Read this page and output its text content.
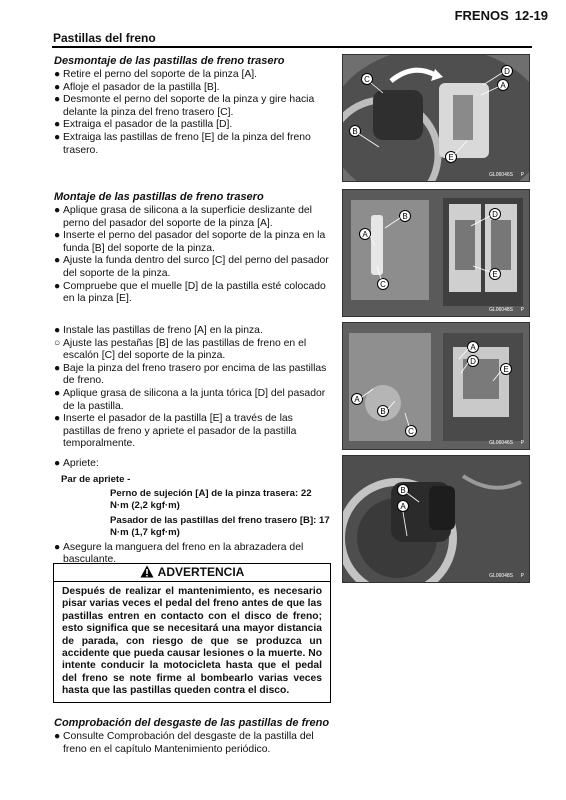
FRENOS 12-19
Pastillas del freno

Desmontaje de las pastillas de freno trasero

● Retire el perno del soporte de la pinza [A].

● Afloje el pasador de la pastilla [B].

● Desmonte el perno del soporte de la pinza y gire hacia delante la pinza del freno trasero [C].

● Extraiga el pasador de la pastilla [D].

● Extraiga las pastillas de freno [E] de la pinza del freno trasero.

Montaje de las pastillas de freno trasero

● Aplique grasa de silicona a la superficie deslizante del perno del pasador del soporte de la pinza [A].

● Inserte el perno del pasador del soporte de la pinza en la funda [B] del soporte de la pinza.

● Ajuste la funda dentro del surco [C] del perno del pasador del soporte de la pinza.

● Compruebe que el muelle [D] de la pastilla esté colocado en la pinza [E].

● Instale las pastillas de freno [A] en la pinza.

○ Ajuste las pestañas [B] de las pastillas de freno en el escalón [C] del soporte de la pinza.

● Baje la pinza del freno trasero por encima de las pastillas de freno.

● Aplique grasa de silicona a la junta tórica [D] del pasador de la pastilla.

● Inserte el pasador de la pastilla [E] a través de las pastillas de freno y apriete el pasador de la pastilla temporalmente.

● Apriete:

Par de apriete -

Perno de sujeción [A] de la pinza trasera: 22 N·m (2,2 kgf·m)

Pasador de las pastillas del freno trasero [B]: 17 N·m (1,7 kgf·m)

● Asegure la manguera del freno en la abrazadera del basculante.

ADVERTENCIA
Después de realizar el mantenimiento, es necesario pisar varias veces el pedal del freno antes de que las pastillas entren en contacto con el disco de freno; esto significa que se necesitará una mayor distancia de parada, con riesgo de que se produzca un accidente que pueda causar lesiones o la muerte. No intente conducir la motocicleta hasta que el pedal del freno se note firme al bombearlo varias veces hasta que las pastillas queden contra el disco.

Comprobación del desgaste de las pastillas de freno

● Consulte Comprobación del desgaste de la pastilla del freno en el capítulo Mantenimiento periódico.

C
D
A
B
E
GL06046S P
B
A
C
D
E
GL06048S P
A
B
C
A
D
E
GL06046S P
B
A
GL06048S P
